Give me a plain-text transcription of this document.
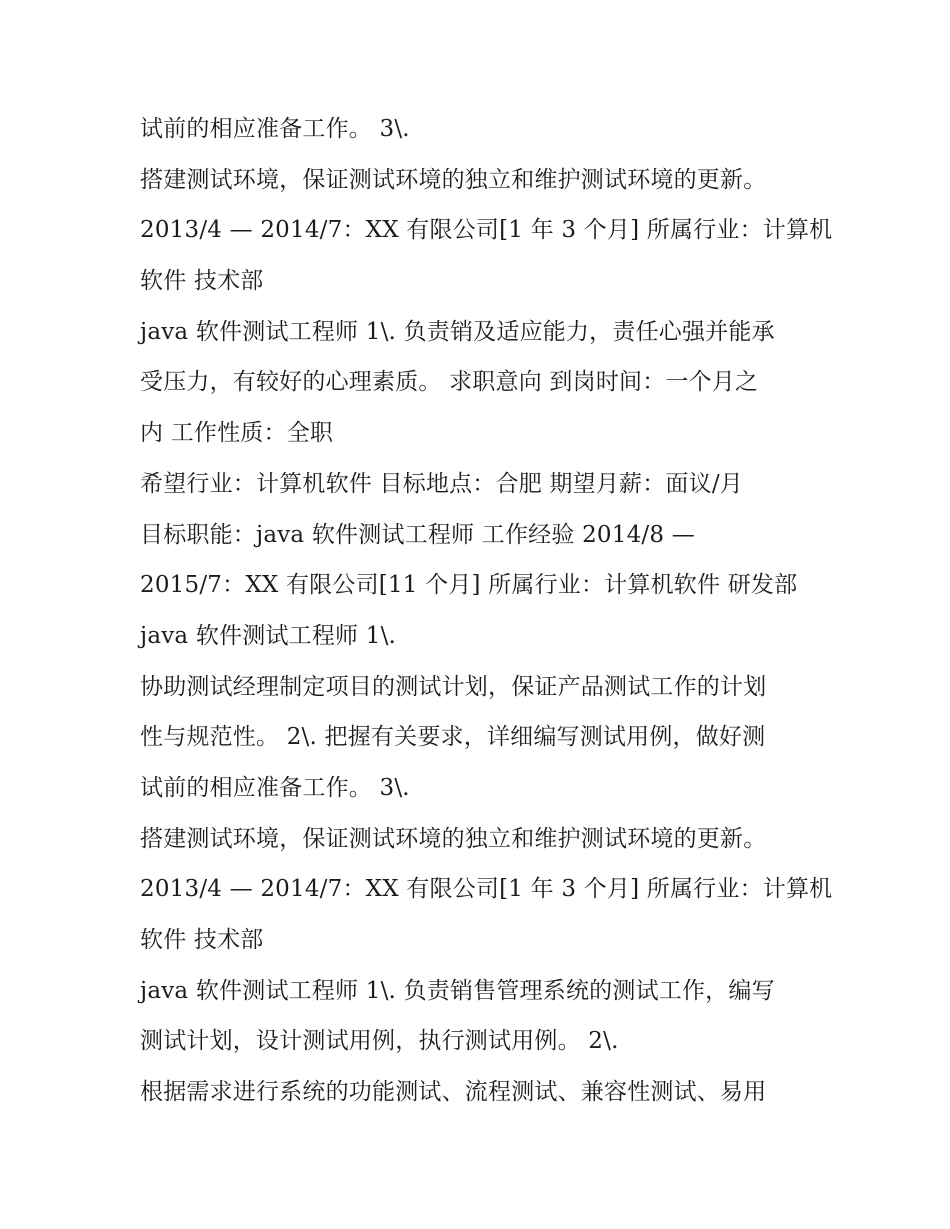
试前的相应准备工作。 3\.
搭建测试环境，保证测试环境的独立和维护测试环境的更新。
2013/4 — 2014/7：XX 有限公司[1 年 3 个月] 所属行业：计算机
软件 技术部
java 软件测试工程师 1\. 负责销及适应能力，责任心强并能承
受压力，有较好的心理素质。 求职意向 到岗时间：一个月之
内 工作性质：全职
希望行业：计算机软件 目标地点：合肥 期望月薪：面议/月
目标职能：java 软件测试工程师 工作经验 2014/8 —
2015/7：XX 有限公司[11 个月] 所属行业：计算机软件 研发部
java 软件测试工程师 1\.
协助测试经理制定项目的测试计划，保证产品测试工作的计划
性与规范性。 2\. 把握有关要求，详细编写测试用例，做好测
试前的相应准备工作。 3\.
搭建测试环境，保证测试环境的独立和维护测试环境的更新。
2013/4 — 2014/7：XX 有限公司[1 年 3 个月] 所属行业：计算机
软件 技术部
java 软件测试工程师 1\. 负责销售管理系统的测试工作，编写
测试计划，设计测试用例，执行测试用例。 2\.
根据需求进行系统的功能测试、流程测试、兼容性测试、易用
